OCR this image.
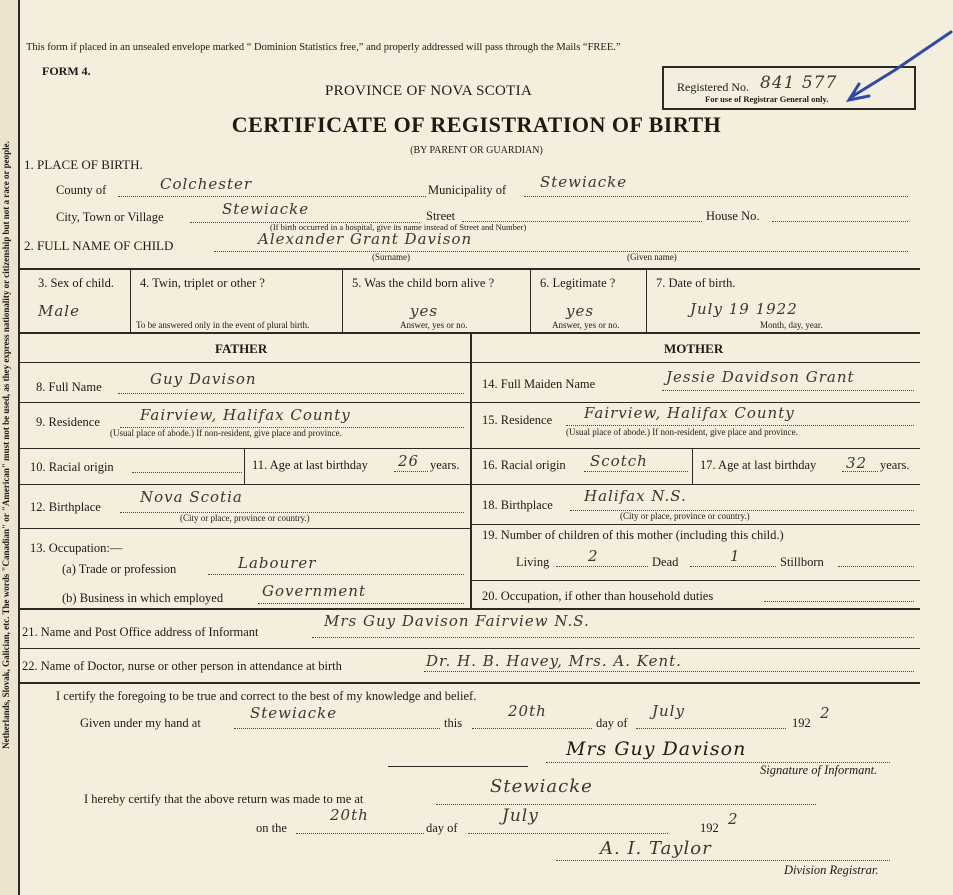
Netherlands, Slovak, Galician, etc. The words "Canadian" or "American" must not be used, as they express nationality or citizenship but not a race or people.
This form if placed in an unsealed envelope marked “ Dominion Statistics free,” and properly addressed will pass through the Mails “FREE.”
FORM 4.
PROVINCE OF NOVA SCOTIA	Registered No. 841 577
For use of Registrar General only.
CERTIFICATE OF REGISTRATION OF BIRTH
(BY PARENT OR GUARDIAN)
1. PLACE OF BIRTH.
County of	Colchester	Municipality of Stewiacke
City, Town or Village	Stewiacke	Street
(If birth occurred in a hospital, give its name instead of Street and Number)
House No.
2. FULL NAME OF CHILD	Alexander Grant Davison
(Surname)	(Given name)
3. Sex of child.
Male
4. Twin, triplet or other ?
To be answered only in the event of plural birth.
5. Was the child born alive ?
yes
Answer, yes or no.
6. Legitimate ?
yes
Answer, yes or no.
7. Date of birth.
July 19 1922
Month, day, year.
FATHER	MOTHER
8. Full Name	Guy Davison
9. Residence	Fairview, Halifax County
(Usual place of abode.) If non-resident, give place and province.
10. Racial origin	11. Age at last birthday 26 years.
12. Birthplace
Nova Scotia
(City or place, province or country.)
13. Occupation:—
(a) Trade or profession	Labourer
(b) Business in which employed	Government
14. Full Maiden Name	Jessie Davidson Grant
15. Residence Fairview, Halifax County
(Usual place of abode.) If non-resident, give place and province.
16. Racial origin Scotch	17. Age at last birthday 32 years.
18. Birthplace Halifax N.S.
(City or place, province or country.)
19. Number of children of this mother (including this child.)
Living	2	Dead	1	Stillborn
20. Occupation, if other than household duties
21. Name and Post Office address of Informant
Mrs Guy Davison Fairview N.S.
22. Name of Doctor, nurse or other person in attendance at birth	Dr. H. B. Havey, Mrs. A. Kent.
I certify the foregoing to be true and correct to the best of my knowledge and belief.
Given under my hand at
Stewiacke
this
20th
day of
July
192
2
Mrs Guy Davison
Signature of Informant.
I hereby certify that the above return was made to me at
Stewiacke
on the
20th
day of
July
192 2
A. I. Taylor
Division Registrar.
